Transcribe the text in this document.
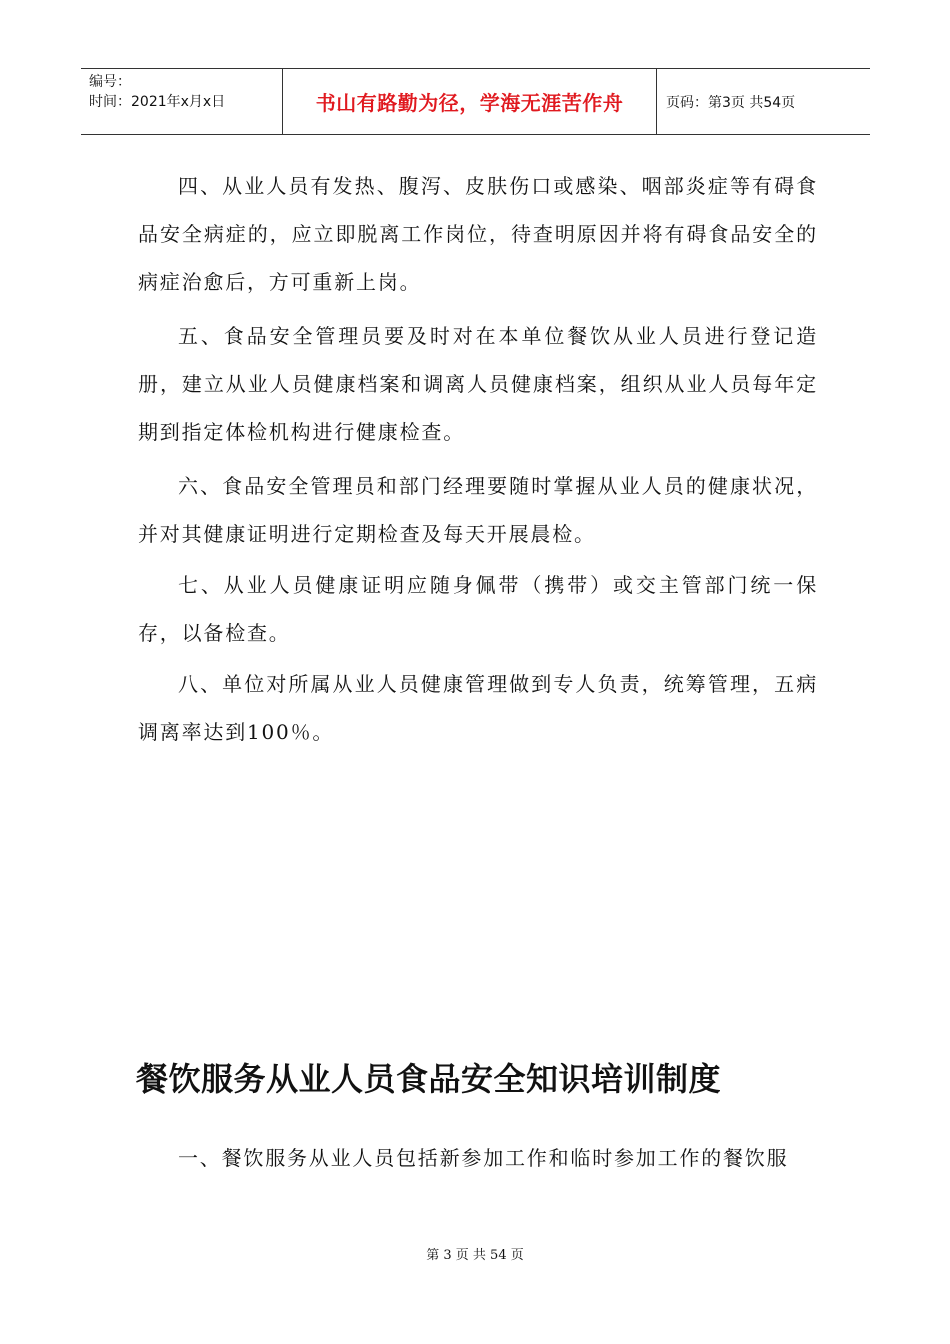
编号：
时间：2021年x月x日	书山有路勤为径，学海无涯苦作舟	页码：第3页 共54页

四、从业人员有发热、腹泻、皮肤伤口或感染、咽部炎症等有碍食品安全病症的，应立即脱离工作岗位，待查明原因并将有碍食品安全的病症治愈后，方可重新上岗。

五、食品安全管理员要及时对在本单位餐饮从业人员进行登记造册，建立从业人员健康档案和调离人员健康档案，组织从业人员每年定期到指定体检机构进行健康检查。

六、食品安全管理员和部门经理要随时掌握从业人员的健康状况，并对其健康证明进行定期检查及每天开展晨检。

七、从业人员健康证明应随身佩带（携带）或交主管部门统一保存，以备检查。

八、单位对所属从业人员健康管理做到专人负责，统筹管理，五病调离率达到100％。

餐饮服务从业人员食品安全知识培训制度

一、餐饮服务从业人员包括新参加工作和临时参加工作的餐饮服

第 3 页 共 54 页
